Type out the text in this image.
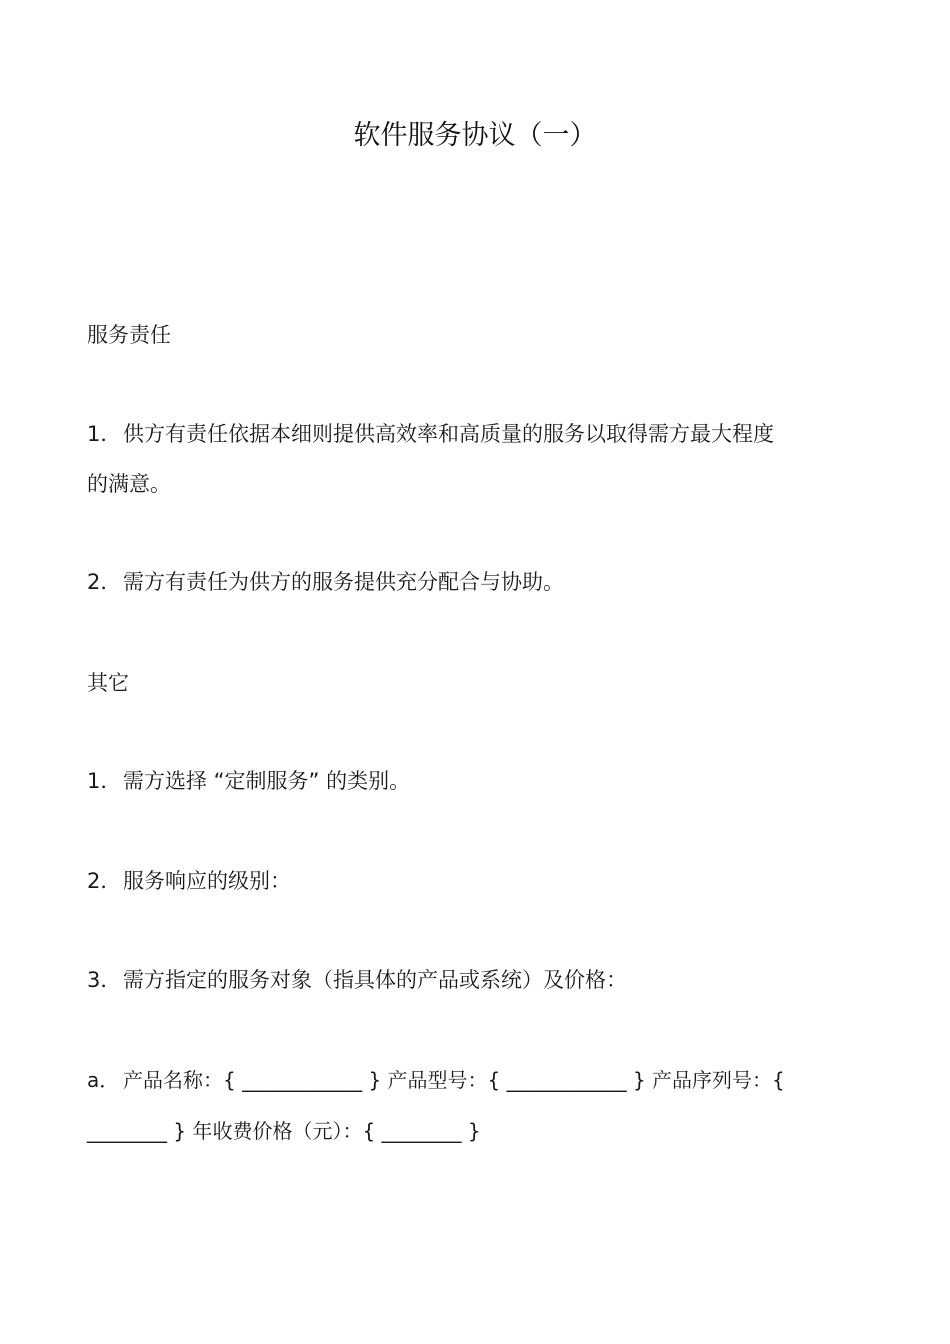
软件服务协议（一）
服务责任
1．供方有责任依据本细则提供高效率和高质量的服务以取得需方最大程度
的满意。
2．需方有责任为供方的服务提供充分配合与协助。
其它
1．需方选择 “定制服务” 的类别。
2．服务响应的级别：
3．需方指定的服务对象（指具体的产品或系统）及价格：
a． 产品名称：{ ____________ } 产品型号：{ ____________ } 产品序列号：{
________ } 年收费价格（元）：{ ________ }
